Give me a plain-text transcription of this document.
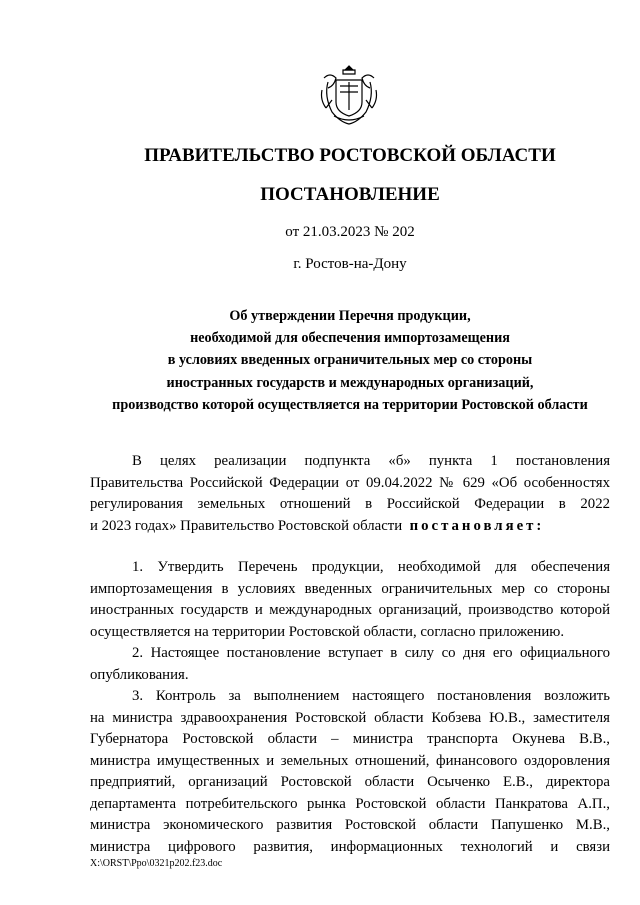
ПРАВИТЕЛЬСТВО РОСТОВСКОЙ ОБЛАСТИ
ПОСТАНОВЛЕНИЕ
от 21.03.2023 № 202
г. Ростов-на-Дону
Об утверждении Перечня продукции,
необходимой для обеспечения импортозамещения
в условиях введенных ограничительных мер со стороны
иностранных государств и международных организаций,
производство которой осуществляется на территории Ростовской области
В целях реализации подпункта «б» пункта 1 постановления
Правительства Российской Федерации от 09.04.2022 № 629 «Об особенностях
регулирования земельных отношений в Российской Федерации в 2022
и 2023 годах» Правительство Ростовской области постановляет:
1. Утвердить Перечень продукции, необходимой для обеспечения
импортозамещения в условиях введенных ограничительных мер со стороны
иностранных государств и международных организаций, производство которой
осуществляется на территории Ростовской области, согласно приложению.
2. Настоящее постановление вступает в силу со дня его официального
опубликования.
3. Контроль за выполнением настоящего постановления возложить
на министра здравоохранения Ростовской области Кобзева Ю.В., заместителя
Губернатора Ростовской области – министра транспорта Окунева В.В.,
министра имущественных и земельных отношений, финансового оздоровления
предприятий, организаций Ростовской области Осыченко Е.В., директора
департамента потребительского рынка Ростовской области Панкратова А.П.,
министра экономического развития Ростовской области Папушенко М.В.,
министра цифрового развития, информационных технологий и связи
X:\ORST\Ppo\0321p202.f23.doc
